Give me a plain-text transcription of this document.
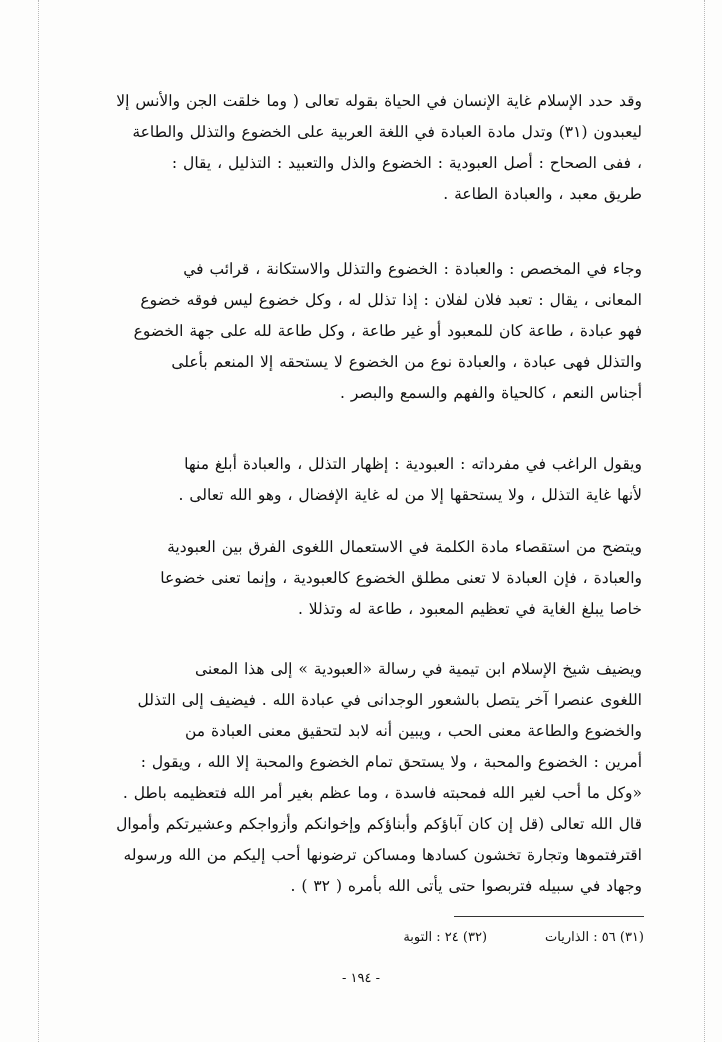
وقد حدد الإسلام غاية الإنسان في الحياة بقوله تعالى ( وما خلقت الجن والأنس إلا
ليعبدون (٣١) وتدل مادة العبادة في اللغة العربية على الخضوع والتذلل والطاعة
، ففى الصحاح : أصل العبودية : الخضوع والذل والتعبيد : التذليل ، يقال :
طريق معبد ، والعبادة الطاعة .
وجاء في المخصص : والعبادة : الخضوع والتذلل والاستكانة ، قرائب في
المعانى ، يقال : تعبد فلان لفلان : إذا تذلل له ، وكل خضوع ليس فوقه خضوع
فهو عبادة ، طاعة كان للمعبود أو غير طاعة ، وكل طاعة لله على جهة الخضوع
والتذلل فهى عبادة ، والعبادة نوع من الخضوع لا يستحقه إلا المنعم بأعلى
أجناس النعم ، كالحياة والفهم والسمع والبصر .
ويقول الراغب في مفرداته : العبودية : إظهار التذلل ، والعبادة أبلغ منها
لأنها غاية التذلل ، ولا يستحقها إلا من له غاية الإفضال ، وهو الله تعالى .
ويتضح من استقصاء مادة الكلمة في الاستعمال اللغوى الفرق بين العبودية
والعبادة ، فإن العبادة لا تعنى مطلق الخضوع كالعبودية ، وإنما تعنى خضوعا
خاصا يبلغ الغاية في تعظيم المعبود ، طاعة له وتذللا .
ويضيف شيخ الإسلام ابن تيمية في رسالة «العبودية » إلى هذا المعنى
اللغوى عنصرا آخر يتصل بالشعور الوجدانى في عبادة الله . فيضيف إلى التذلل
والخضوع والطاعة معنى الحب ، ويبين أنه لابد لتحقيق معنى العبادة من
أمرين : الخضوع والمحبة ، ولا يستحق تمام الخضوع والمحبة إلا الله ، ويقول :
«وكل ما أحب لغير الله فمحبته فاسدة ، وما عظم بغير أمر الله فتعظيمه باطل .
قال الله تعالى (قل إن كان آباؤكم وأبناؤكم وإخوانكم وأزواجكم وعشيرتكم وأموال
اقترفتموها وتجارة تخشون كسادها ومساكن ترضونها أحب إليكم من الله ورسوله
وجهاد في سبيله فتربصوا حتى يأتى الله بأمره ( ٣٢ ) .
(٣١) ٥٦ : الذاريات
(٣٢) ٢٤ : التوبة
- ١٩٤ -
